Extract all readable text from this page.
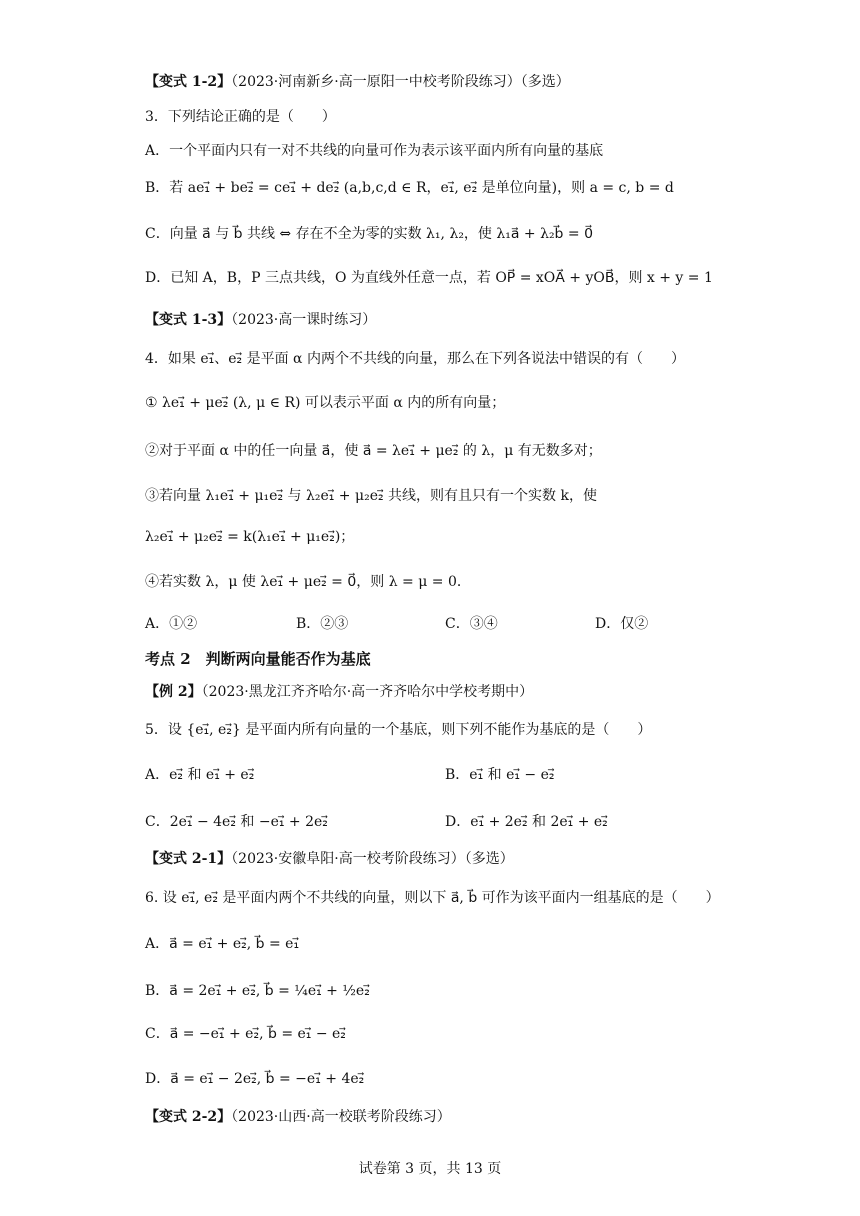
【变式 1-2】（2023·河南新乡·高一原阳一中校考阶段练习）（多选）
3．下列结论正确的是（　　）
A．一个平面内只有一对不共线的向量可作为表示该平面内所有向量的基底
B．若 ae₁⃗ + be₂⃗ = ce₁⃗ + de₂⃗ (a,b,c,d ∈ R，e₁⃗, e₂⃗ 是单位向量)，则 a = c, b = d
C．向量 a⃗ 与 b⃗ 共线 ⇔ 存在不全为零的实数 λ₁, λ₂，使 λ₁a⃗ + λ₂b⃗ = 0⃗
D．已知 A，B，P 三点共线，O 为直线外任意一点，若 OP⃗ = xOA⃗ + yOB⃗，则 x + y = 1
【变式 1-3】（2023·高一课时练习）
4．如果 e₁⃗、e₂⃗ 是平面 α 内两个不共线的向量，那么在下列各说法中错误的有（　　）
① λe₁⃗ + μe₂⃗ (λ, μ ∈ R) 可以表示平面 α 内的所有向量；
②对于平面 α 中的任一向量 a⃗，使 a⃗ = λe₁⃗ + μe₂⃗ 的 λ，μ 有无数多对；
③若向量 λ₁e₁⃗ + μ₁e₂⃗ 与 λ₂e₁⃗ + μ₂e₂⃗ 共线，则有且只有一个实数 k，使
λ₂e₁⃗ + μ₂e₂⃗ = k(λ₁e₁⃗ + μ₁e₂⃗)；
④若实数 λ，μ 使 λe₁⃗ + μe₂⃗ = 0⃗，则 λ = μ = 0．
A．①②	B．②③	C．③④	D．仅②
考点 2　判断两向量能否作为基底
【例 2】（2023·黑龙江齐齐哈尔·高一齐齐哈尔中学校考期中）
5．设 {e₁⃗, e₂⃗} 是平面内所有向量的一个基底，则下列不能作为基底的是（　　）
A．e₂⃗ 和 e₁⃗ + e₂⃗	B．e₁⃗ 和 e₁⃗ − e₂⃗
C．2e₁⃗ − 4e₂⃗ 和 −e₁⃗ + 2e₂⃗	D．e₁⃗ + 2e₂⃗ 和 2e₁⃗ + e₂⃗
【变式 2-1】（2023·安徽阜阳·高一校考阶段练习）（多选）
6. 设 e₁⃗, e₂⃗ 是平面内两个不共线的向量，则以下 a⃗, b⃗ 可作为该平面内一组基底的是（　　）
A．a⃗ = e₁⃗ + e₂⃗, b⃗ = e₁⃗
B．a⃗ = 2e₁⃗ + e₂⃗, b⃗ = ¼e₁⃗ + ½e₂⃗
C．a⃗ = −e₁⃗ + e₂⃗, b⃗ = e₁⃗ − e₂⃗
D．a⃗ = e₁⃗ − 2e₂⃗, b⃗ = −e₁⃗ + 4e₂⃗
【变式 2-2】（2023·山西·高一校联考阶段练习）
试卷第 3 页，共 13 页
